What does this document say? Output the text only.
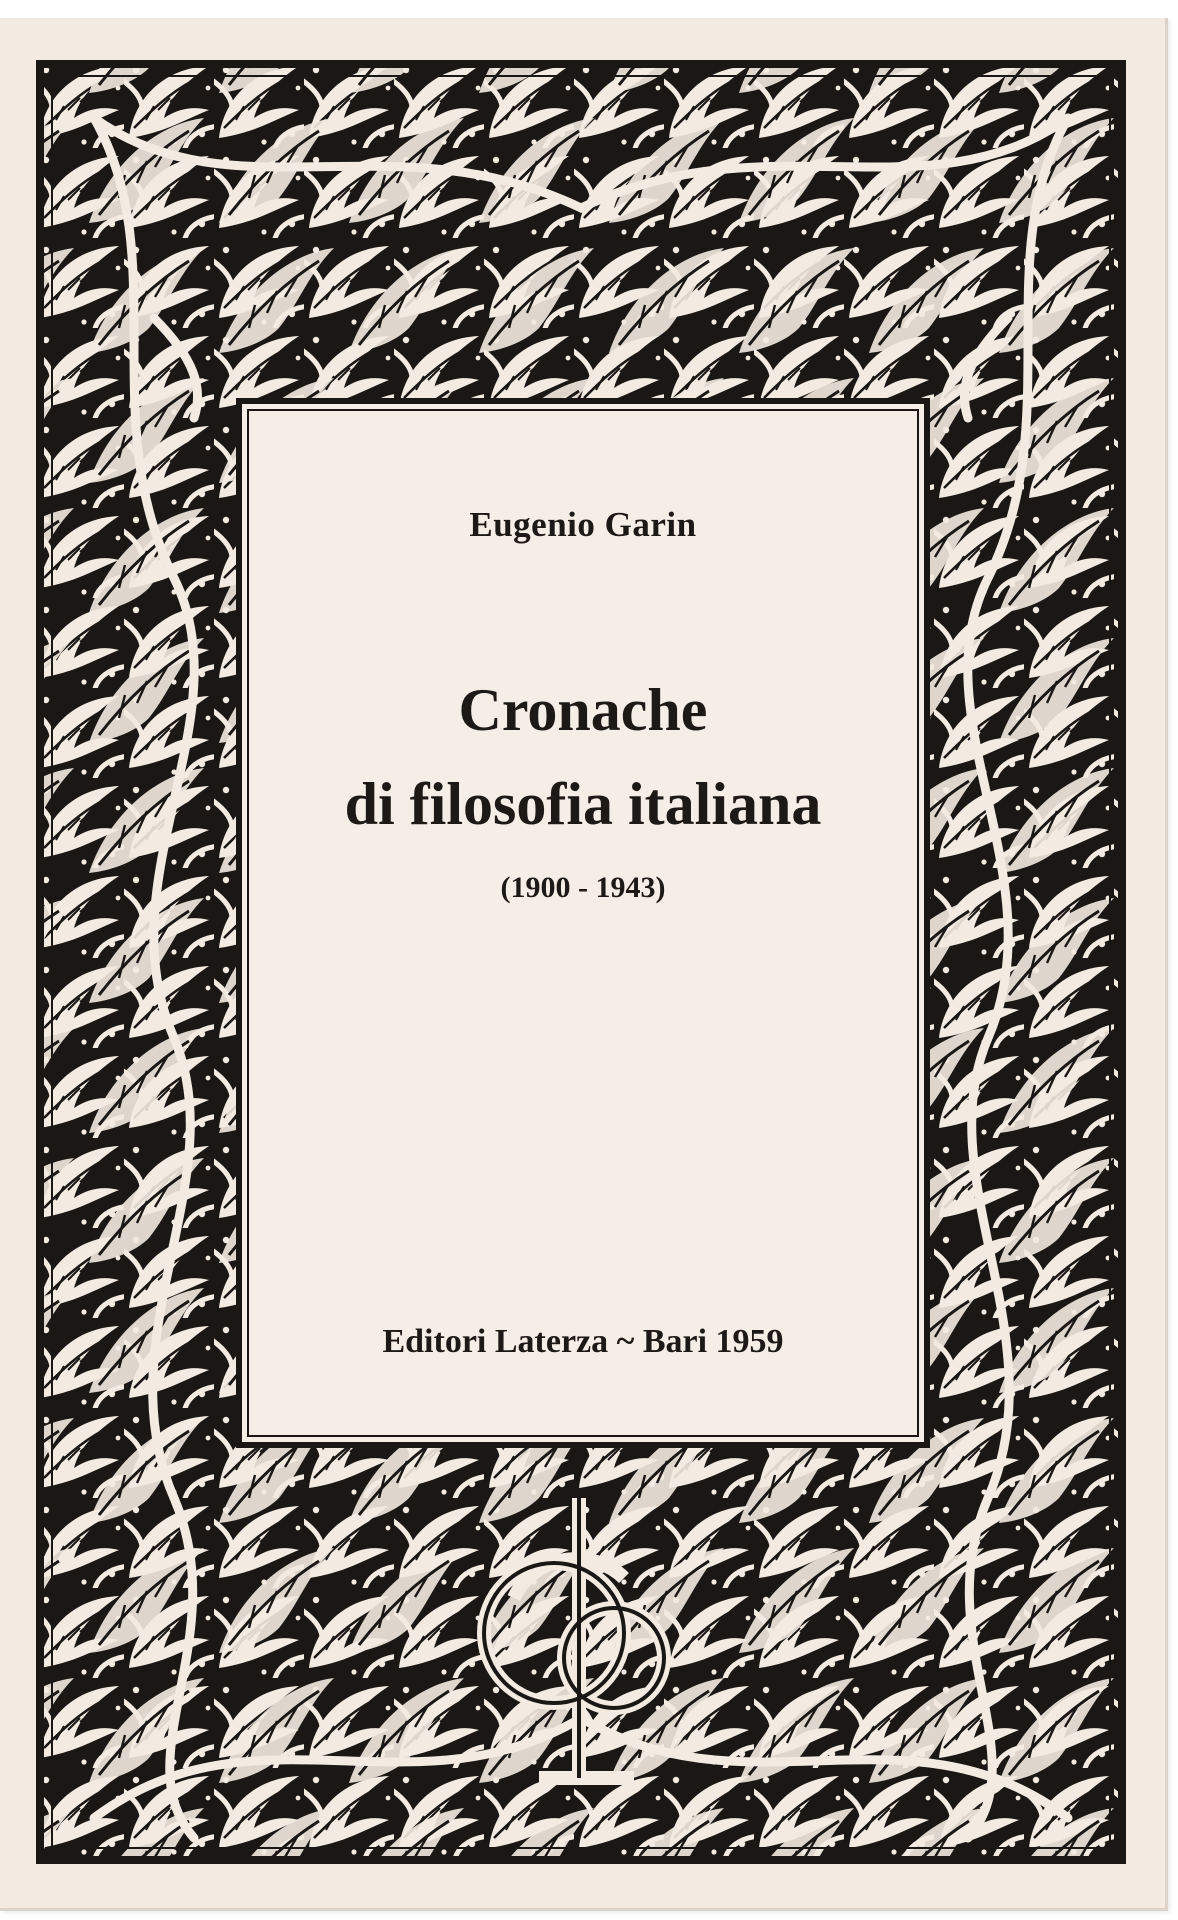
Eugenio Garin
Cronache
di filosofia italiana
(1900 - 1943)
Editori Laterza ~ Bari 1959
